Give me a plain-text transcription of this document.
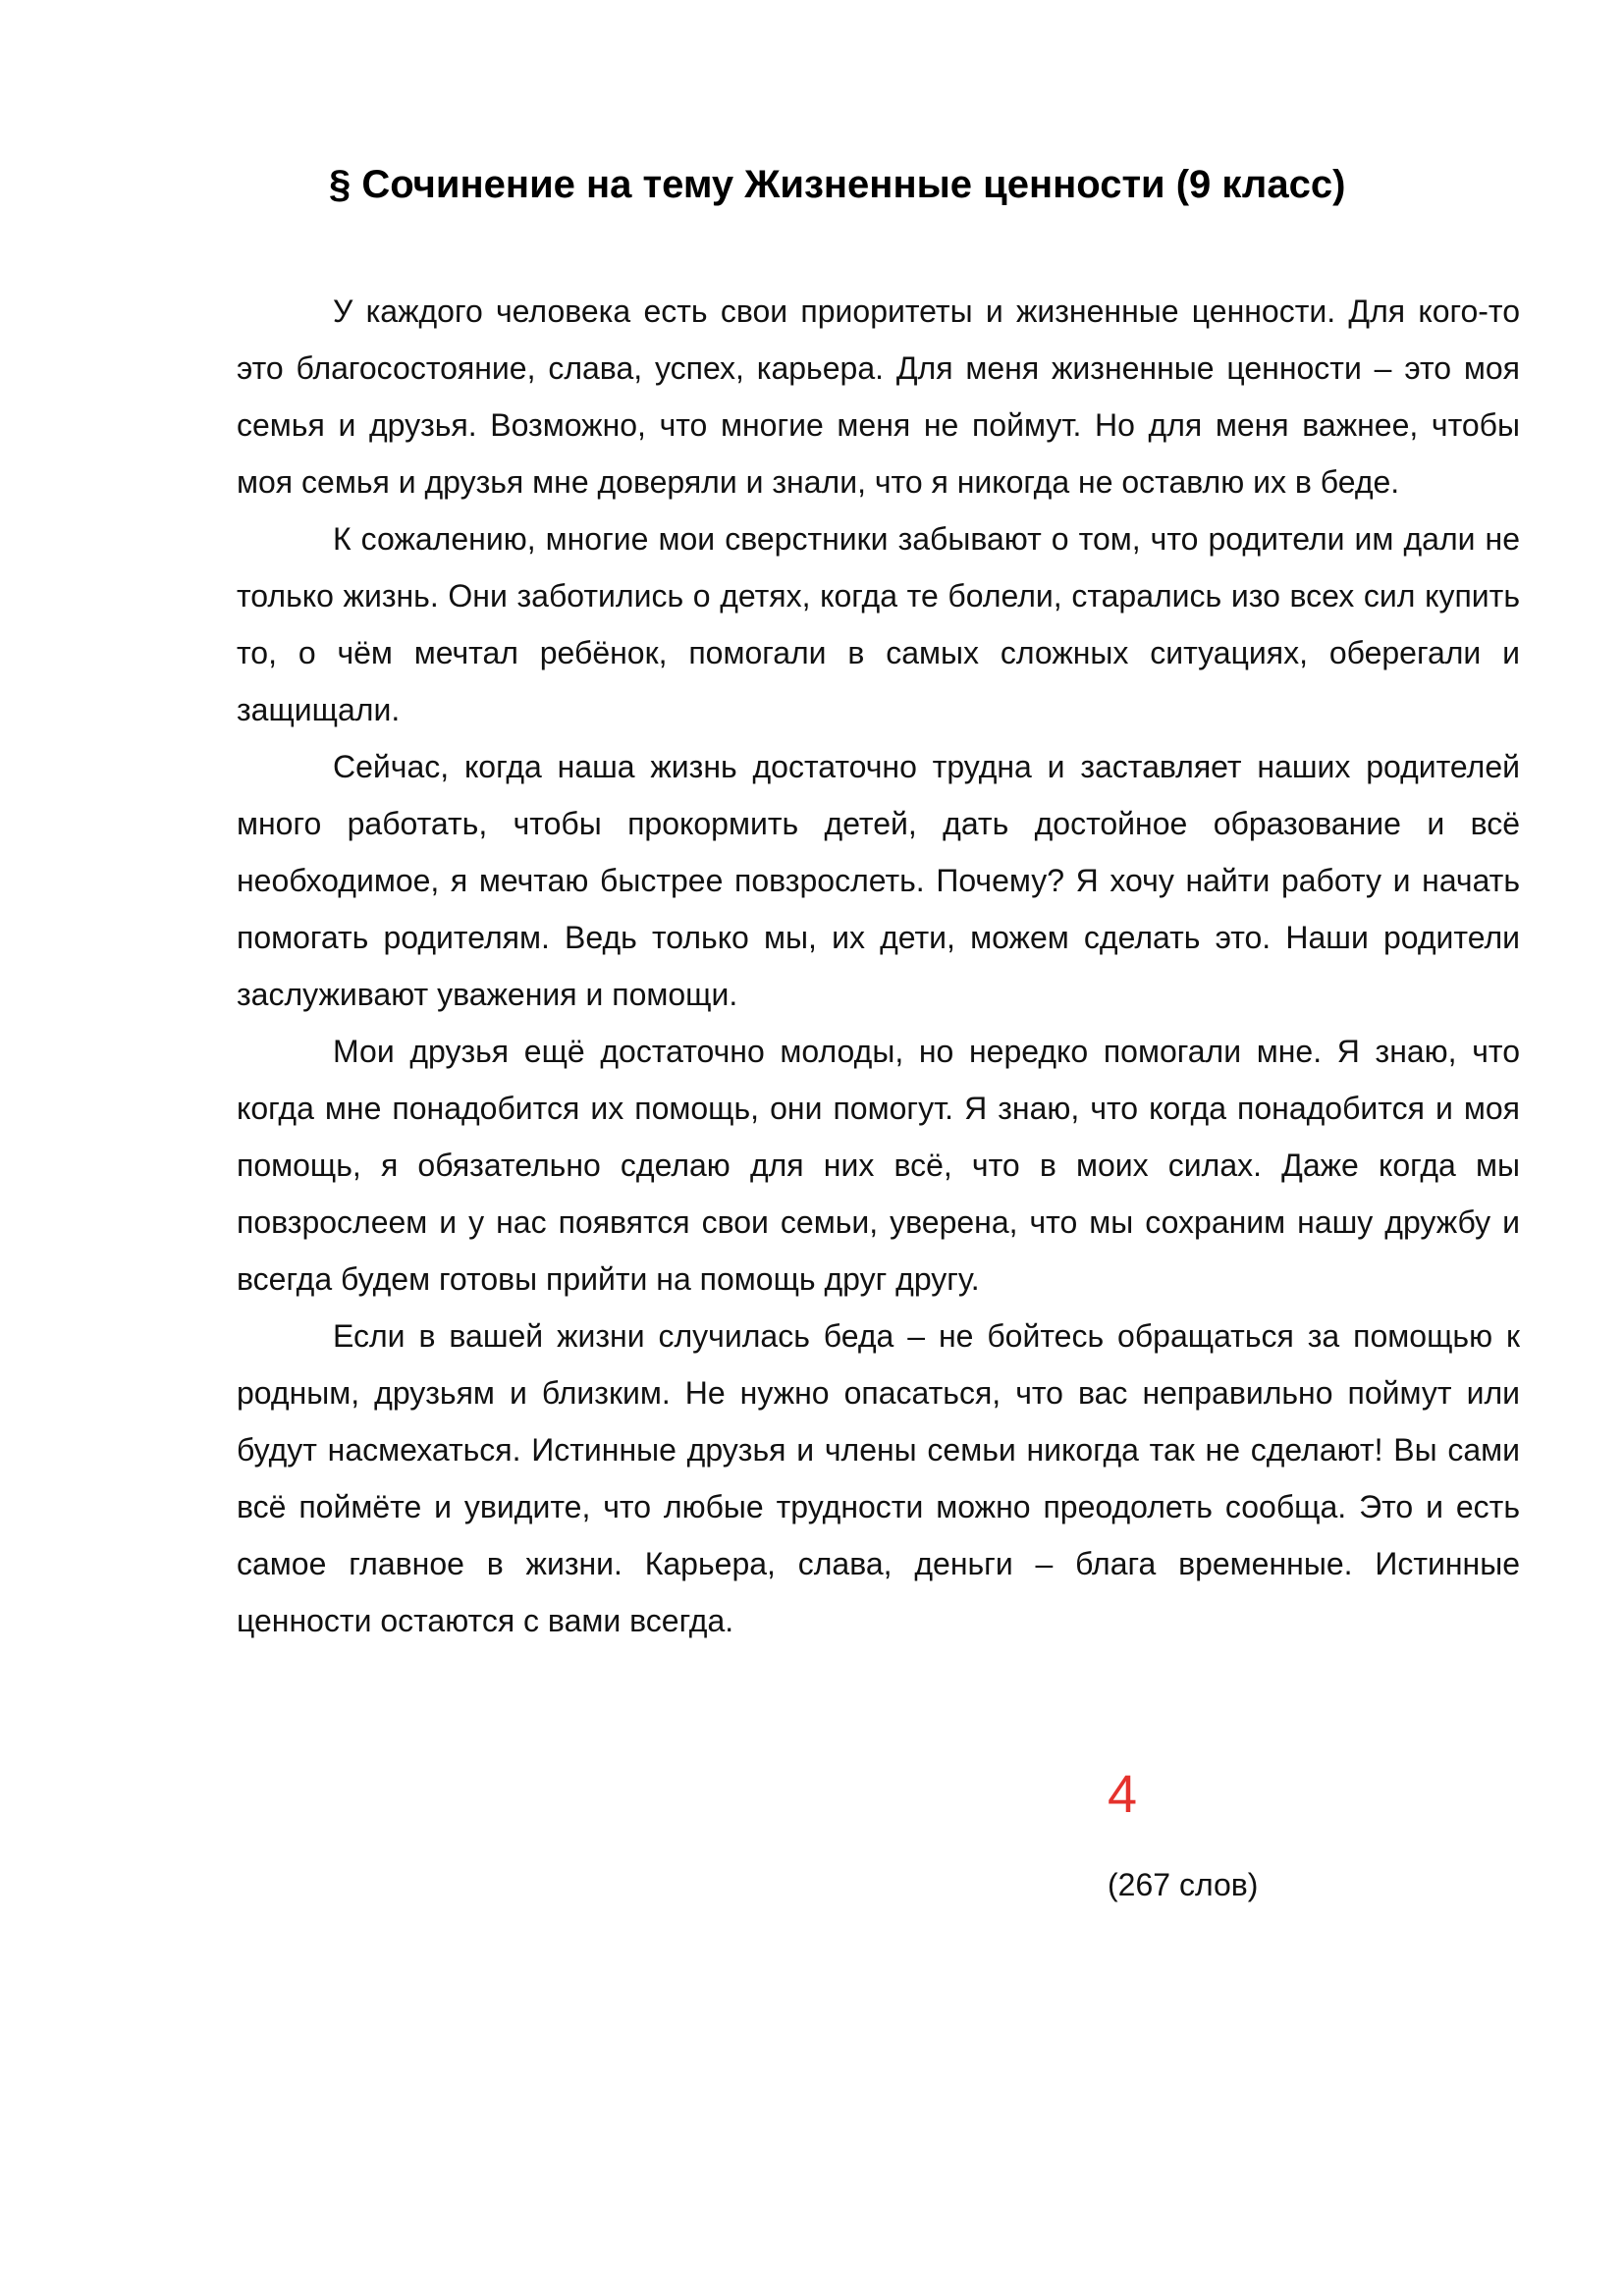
§ Сочинение на тему Жизненные ценности (9 класс)

У каждого человека есть свои приоритеты и жизненные ценности. Для кого-то это благосостояние, слава, успех, карьера. Для меня жизненные ценности – это моя семья и друзья. Возможно, что многие меня не поймут. Но для меня важнее, чтобы моя семья и друзья мне доверяли и знали, что я никогда не оставлю их в беде.

К сожалению, многие мои сверстники забывают о том, что родители им дали не только жизнь. Они заботились о детях, когда те болели, старались изо всех сил купить то, о чём мечтал ребёнок, помогали в самых сложных ситуациях, оберегали и защищали.

Сейчас, когда наша жизнь достаточно трудна и заставляет наших родителей много работать, чтобы прокормить детей, дать достойное образование и всё необходимое, я мечтаю быстрее повзрослеть. Почему? Я хочу найти работу и начать помогать родителям. Ведь только мы, их дети, можем сделать это. Наши родители заслуживают уважения и помощи.

Мои друзья ещё достаточно молоды, но нередко помогали мне. Я знаю, что когда мне понадобится их помощь, они помогут. Я знаю, что когда понадобится и моя помощь, я обязательно сделаю для них всё, что в моих силах. Даже когда мы повзрослеем и у нас появятся свои семьи, уверена, что мы сохраним нашу дружбу и всегда будем готовы прийти на помощь друг другу.

Если в вашей жизни случилась беда – не бойтесь обращаться за помощью к родным, друзьям и близким. Не нужно опасаться, что вас неправильно поймут или будут насмехаться. Истинные друзья и члены семьи никогда так не сделают! Вы сами всё поймёте и увидите, что любые трудности можно преодолеть сообща. Это и есть самое главное в жизни. Карьера, слава, деньги – блага временные. Истинные ценности остаются с вами всегда.

4
(267 слов)
